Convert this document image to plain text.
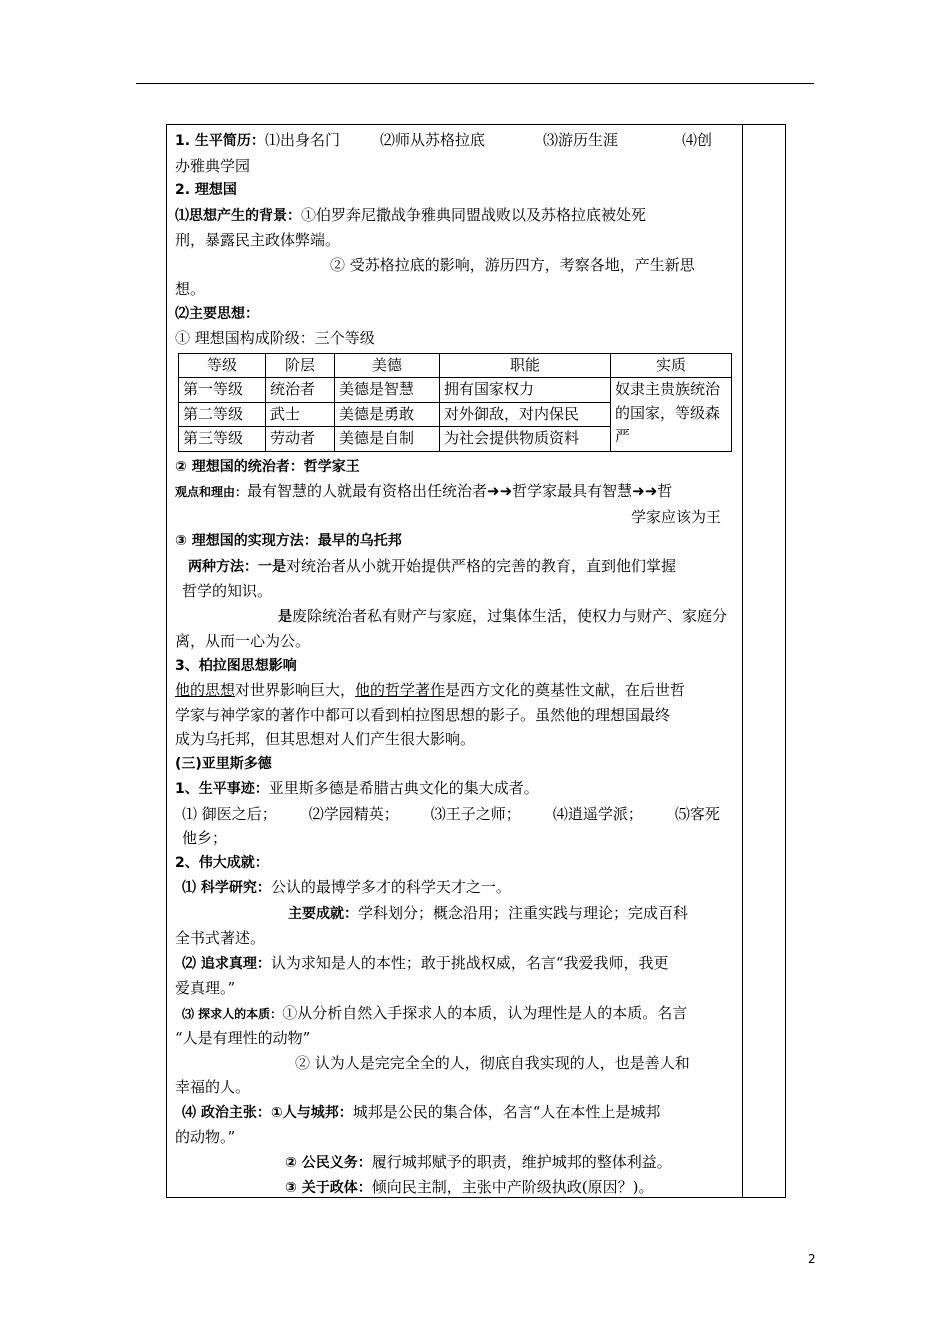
1. 生平简历：⑴出身名门	⑵师从苏格拉底	⑶游历生涯	⑷创

办雅典学园

2. 理想国

⑴思想产生的背景：①伯罗奔尼撒战争雅典同盟战败以及苏格拉底被处死

刑，暴露民主政体弊端。

② 受苏格拉底的影响，游历四方，考察各地，产生新思

想。

⑵主要思想：

① 理想国构成阶级：三个等级

等级	阶层	美德	职能	实质
第一等级	统治者	美德是智慧	拥有国家权力	奴隶主贵族统治的国家，等级森严
第二等级	武士	美德是勇敢	对外御敌，对内保民	
第三等级	劳动者	美德是自制	为社会提供物质资料	

② 理想国的统治者：哲学家王

观点和理由：最有智慧的人就最有资格出任统治者➜➜哲学家最具有智慧➜➜哲

学家应该为王

③ 理想国的实现方法：最早的乌托邦

两种方法：一是对统治者从小就开始提供严格的完善的教育，直到他们掌握

哲学的知识。

是废除统治者私有财产与家庭，过集体生活，使权力与财产、家庭分

离，从而一心为公。

3、柏拉图思想影响

他的思想对世界影响巨大，他的哲学著作是西方文化的奠基性文献，在后世哲

学家与神学家的著作中都可以看到柏拉图思想的影子。虽然他的理想国最终

成为乌托邦，但其思想对人们产生很大影响。

(三)亚里斯多德

1、生平事迹：亚里斯多德是希腊古典文化的集大成者。

⑴ 御医之后； ⑵学园精英； ⑶王子之师； ⑷逍遥学派； ⑸客死

他乡；

2、伟大成就：

⑴ 科学研究：公认的最博学多才的科学天才之一。

主要成就：学科划分；概念沿用；注重实践与理论；完成百科

全书式著述。

⑵ 追求真理：认为求知是人的本性；敢于挑战权威，名言“我爱我师，我更

爱真理。”

⑶ 探求人的本质：①从分析自然入手探求人的本质，认为理性是人的本质。名言

“人是有理性的动物”

② 认为人是完完全全的人，彻底自我实现的人，也是善人和

幸福的人。

⑷ 政治主张：①人与城邦：城邦是公民的集合体，名言“人在本性上是城邦

的动物。”

② 公民义务：履行城邦赋予的职责，维护城邦的整体利益。

③ 关于政体：倾向民主制，主张中产阶级执政(原因？)。

2
